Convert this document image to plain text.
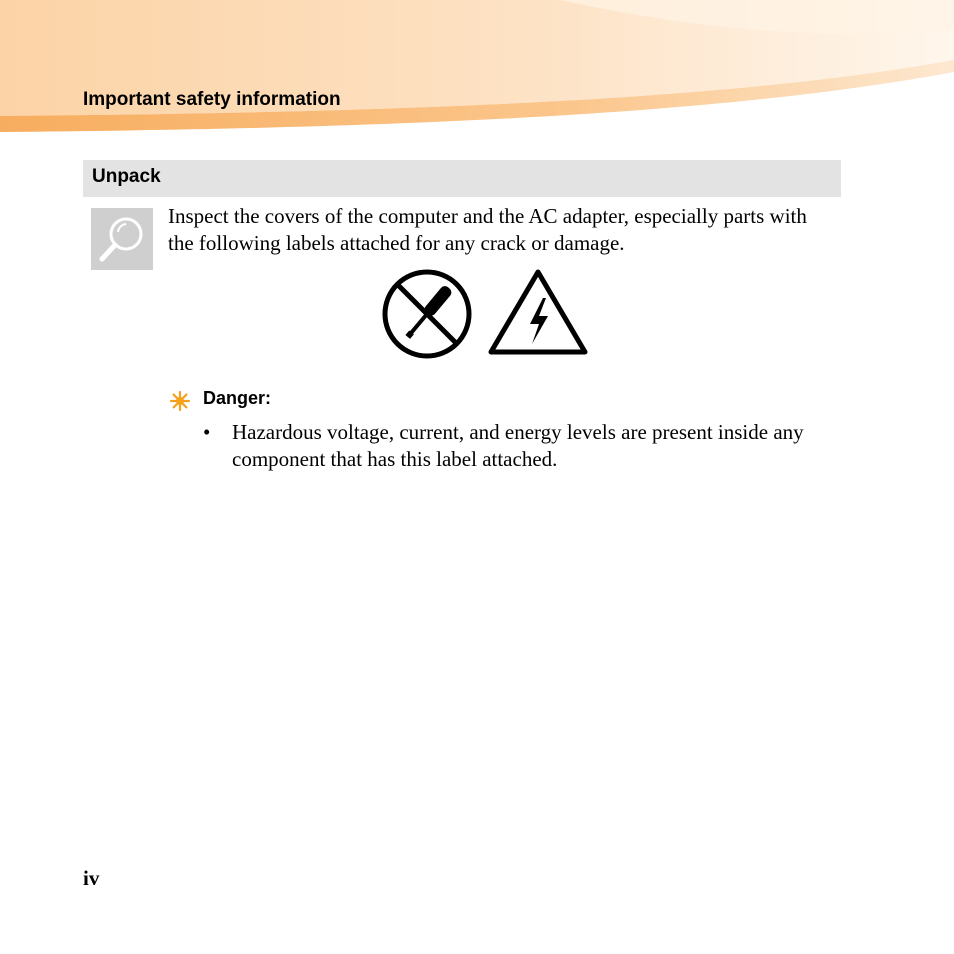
Important safety information
Unpack
Inspect the covers of the computer and the AC adapter, especially parts with the following labels attached for any crack or damage.
Danger:
• Hazardous voltage, current, and energy levels are present inside any component that has this label attached.
iv
